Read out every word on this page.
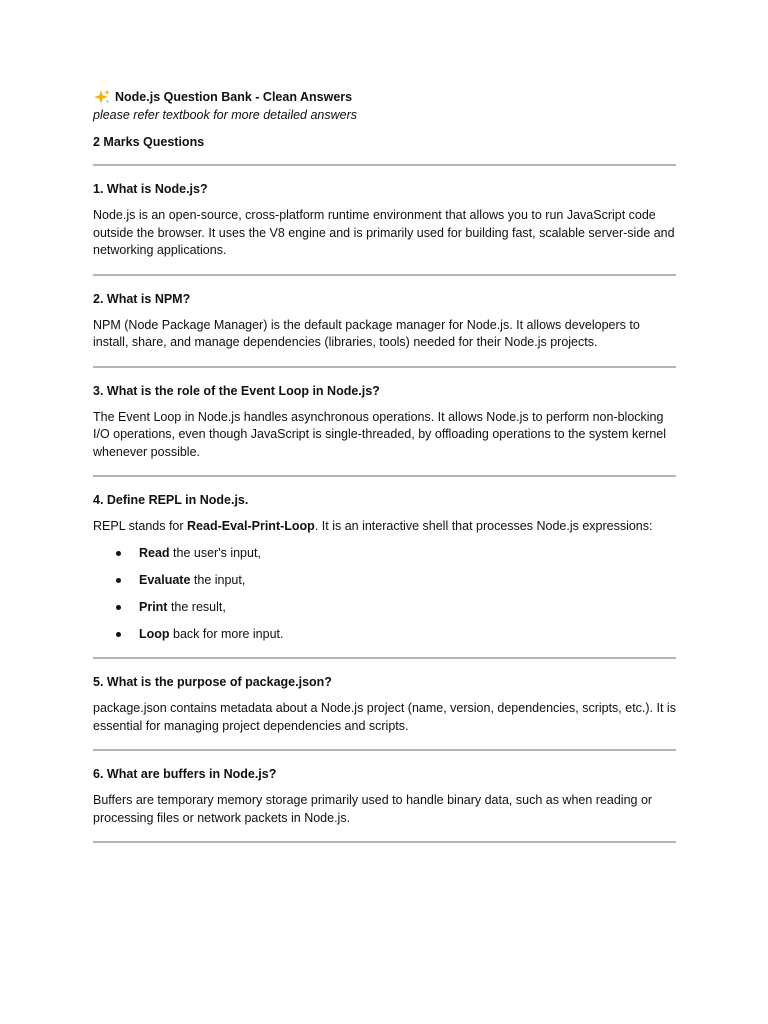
Node.js Question Bank - Clean Answers
please refer textbook for more detailed answers
2 Marks Questions
1. What is Node.js?

Node.js is an open-source, cross-platform runtime environment that allows you to run JavaScript code outside the browser. It uses the V8 engine and is primarily used for building fast, scalable server-side and networking applications.

2. What is NPM?

NPM (Node Package Manager) is the default package manager for Node.js. It allows developers to install, share, and manage dependencies (libraries, tools) needed for their Node.js projects.

3. What is the role of the Event Loop in Node.js?

The Event Loop in Node.js handles asynchronous operations. It allows Node.js to perform non-blocking I/O operations, even though JavaScript is single-threaded, by offloading operations to the system kernel whenever possible.

4. Define REPL in Node.js.

REPL stands for Read-Eval-Print-Loop. It is an interactive shell that processes Node.js expressions:

Read the user's input,
Evaluate the input,
Print the result,
Loop back for more input.
5. What is the purpose of package.json?

package.json contains metadata about a Node.js project (name, version, dependencies, scripts, etc.). It is essential for managing project dependencies and scripts.

6. What are buffers in Node.js?

Buffers are temporary memory storage primarily used to handle binary data, such as when reading or processing files or network packets in Node.js.
